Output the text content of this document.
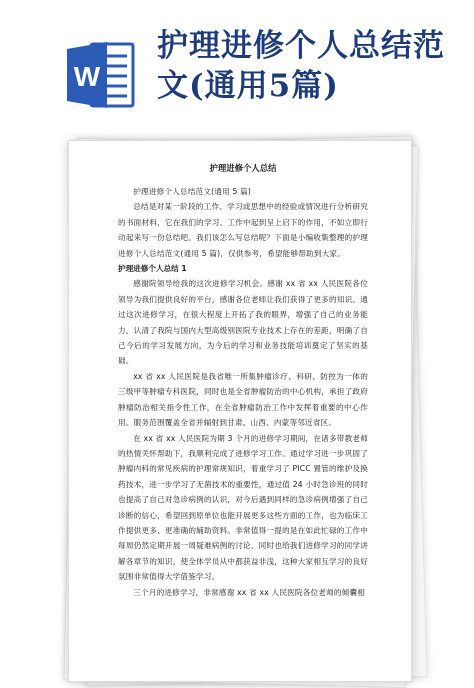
W
护理进修个人总结范文(通用5篇)
护理进修个人总结
护理进修个人总结范文(通用 5 篇)
总结是对某一阶段的工作、学习或思想中的经验或情况进行分析研究的书面材料，它在我们的学习、工作中起到呈上启下的作用，不如立即行动起来写一份总结吧。我们该怎么写总结呢？下面是小编收集整理的护理进修个人总结范文(通用 5 篇)，仅供参考，希望能够帮助到大家。
护理进修个人总结 1
感谢院领导给我的这次进修学习机会。感谢 xx 省 xx 人民医院各位领导为我们提供良好的平台，感谢各位老师让我们获得了更多的知识。通过这次进修学习，在很大程度上开拓了我的眼界，增强了自己的业务能力，认清了我院与国内大型高级别医院专业技术上存在的差距，明确了自己今后的学习发展方向，为今后的学习和业务技能培训奠定了坚实的基础。
xx 省 xx 人民医院是我省唯一所集肿瘤诊疗、科研、防控为一体的三级甲等肿瘤专科医院，同时也是全省肿瘤防治的中心机构，承担了政府肿瘤防治相关指令性工作，在全省肿瘤防治工作中发挥着重要的中心作用。服务范围覆盖全省并辐射到甘肃、山西、内蒙等邻近省区。
在 xx 省 xx 人民医院为期 3 个月的进修学习期间，在诸多带教老师的热情关怀帮助下，我顺利完成了进修学习工作。通过学习进一步巩固了肿瘤内科的常见疾病的护理常规知识，着重学习了 PICC 置管的维护及换药技术，进一步学习了无菌技术的重要性，通过值 24 小时急诊班的同时也提高了自己对急诊病例的认识，对今后遇到同样的急诊病例增强了自己诊断的信心，希望回到原单位也能开展更多这些方面的工作，也为临床工作提供更多、更准确的辅助资料。非常值得一提的是在如此忙碌的工作中每周仍然定期开展一周疑难病例的讨论，同时也给我们进修学习的同学讲解各章节的知识，使全体学员从中都获益非浅，这种大家相互学习的良好氛围非常值得大学借鉴学习。
三个月的进修学习，非常感谢 xx 省 xx 人民医院各位老师的倾囊相
